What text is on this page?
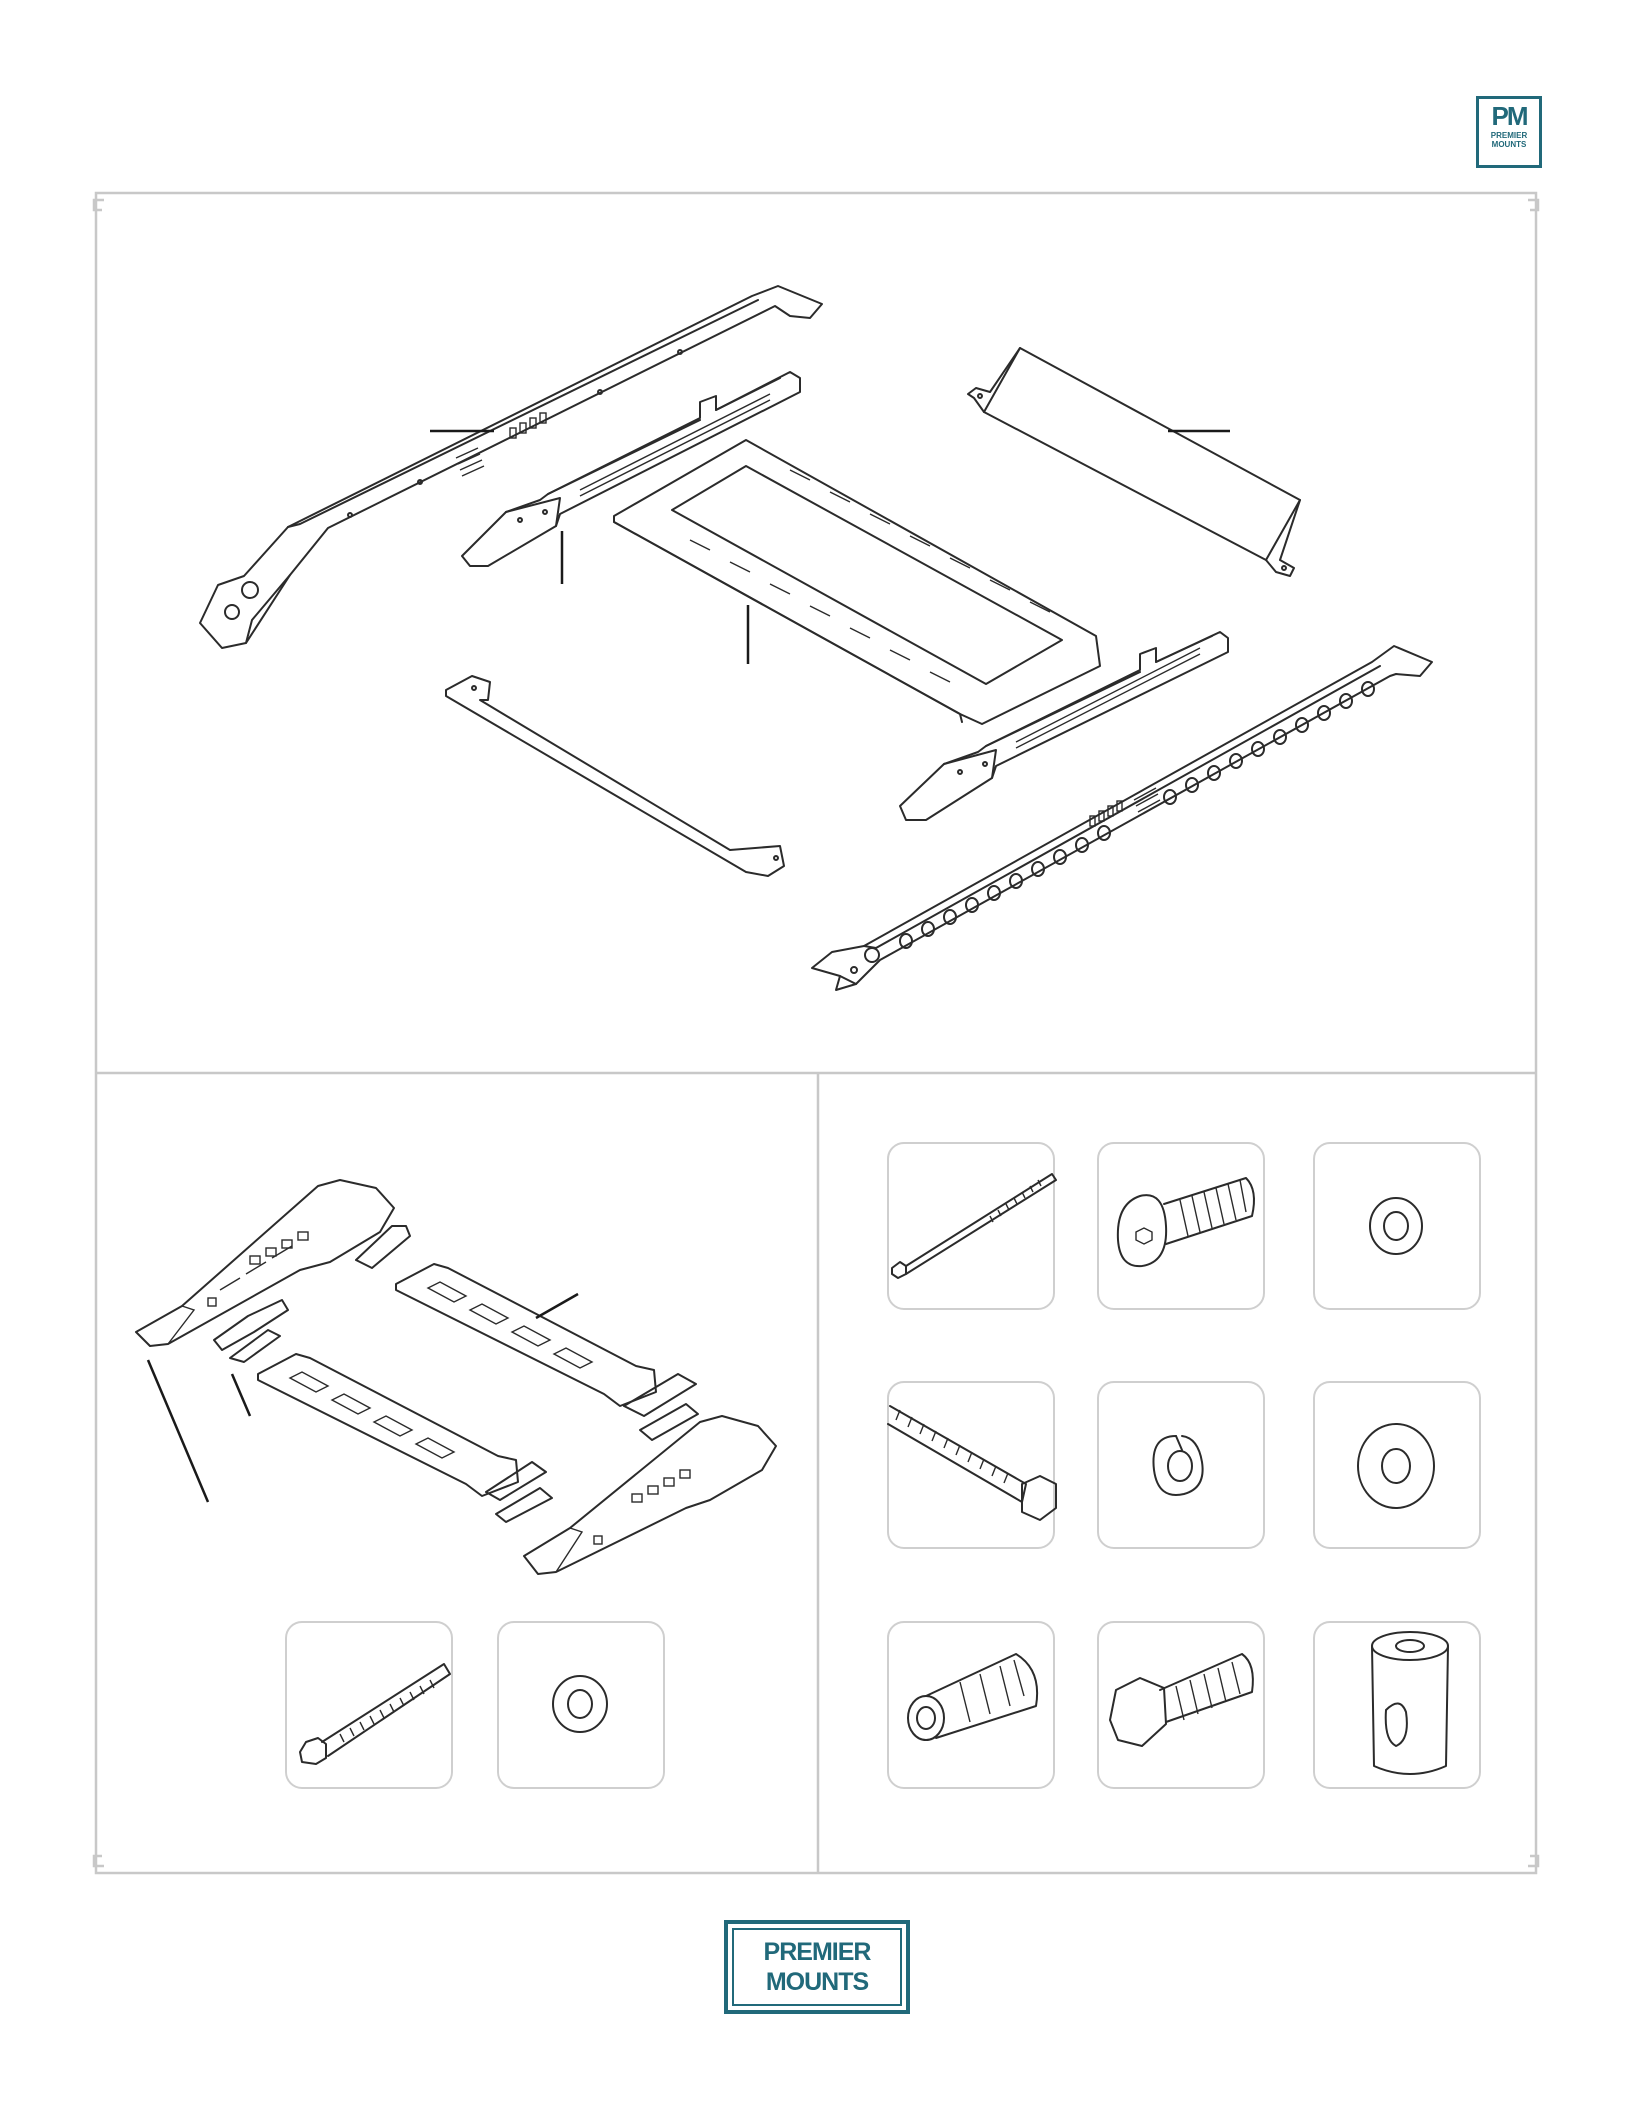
PM
PREMIER
MOUNTS
PREMIER
MOUNTS
